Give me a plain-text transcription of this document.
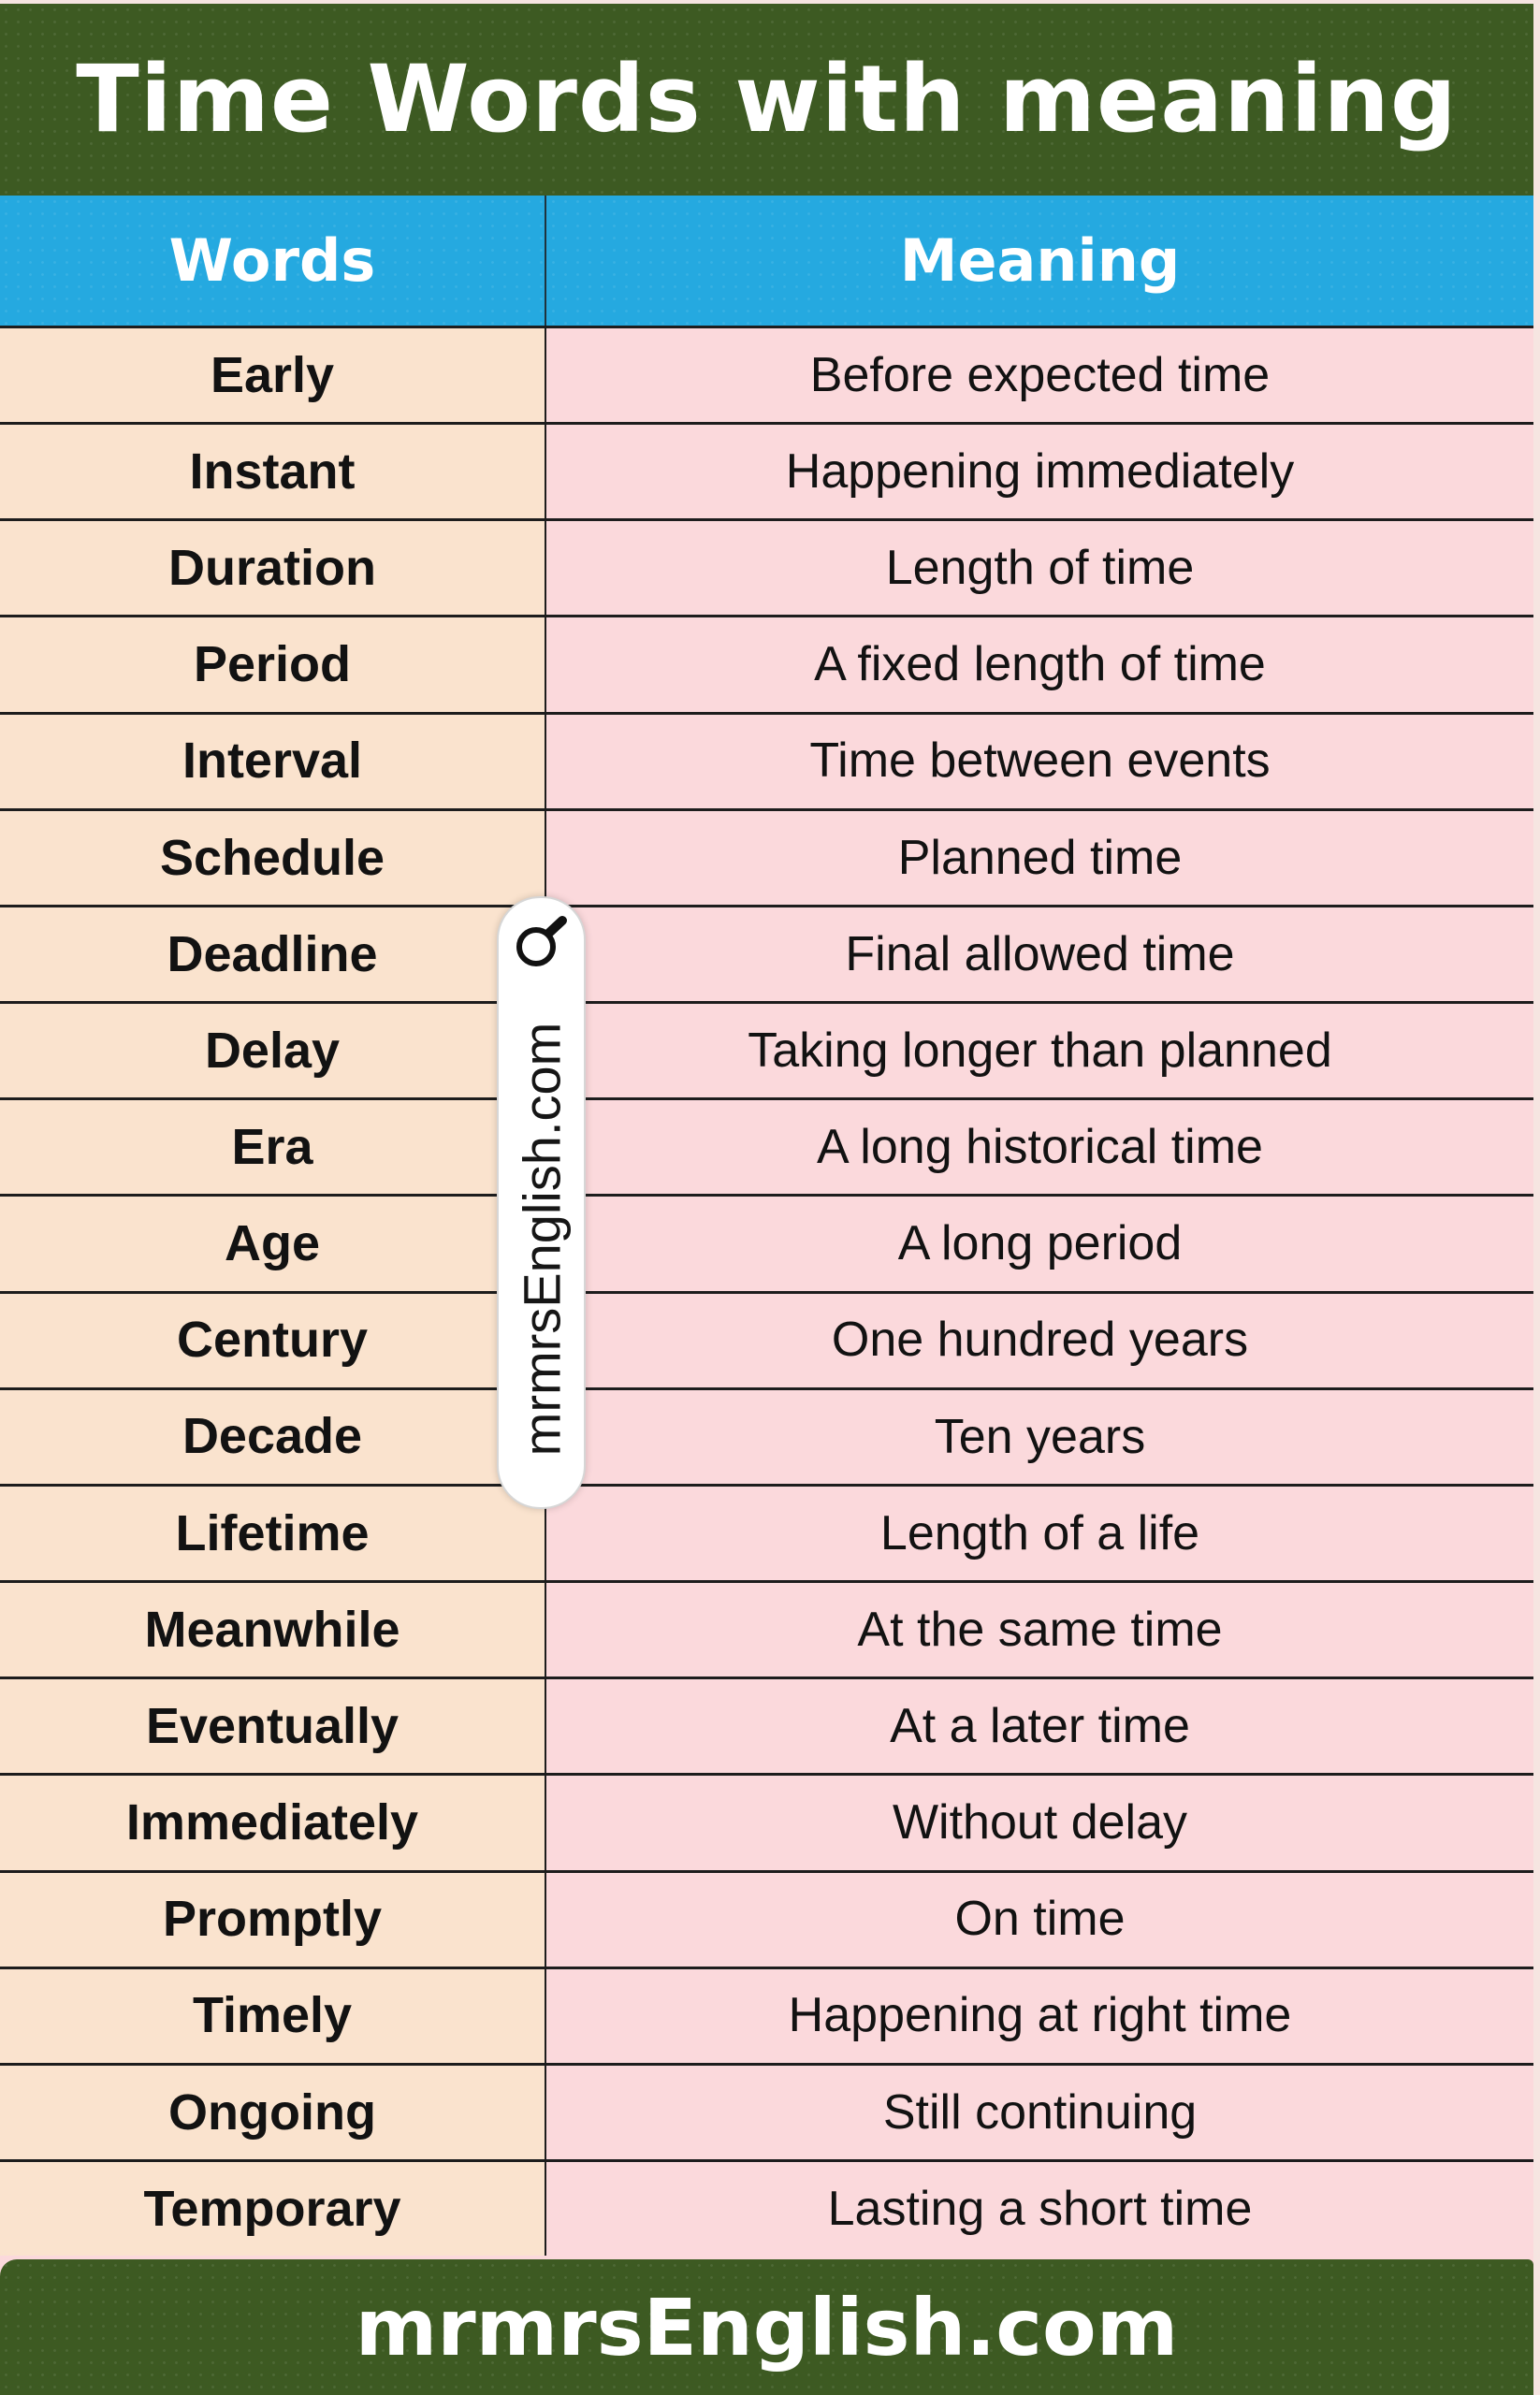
Time Words with meaning
Words	Meaning
Early	Before expected time
Instant	Happening immediately
Duration	Length of time
Period	A fixed length of time
Interval	Time between events
Schedule	Planned time
Deadline	Final allowed time
Delay	Taking longer than planned
Era	A long historical time
Age	A long period
Century	One hundred years
Decade	Ten years
Lifetime	Length of a life
Meanwhile	At the same time
Eventually	At a later time
Immediately	Without delay
Promptly	On time
Timely	Happening at right time
Ongoing	Still continuing
Temporary	Lasting a short time
mrmrsEnglish.com
mrmrsEnglish.com
